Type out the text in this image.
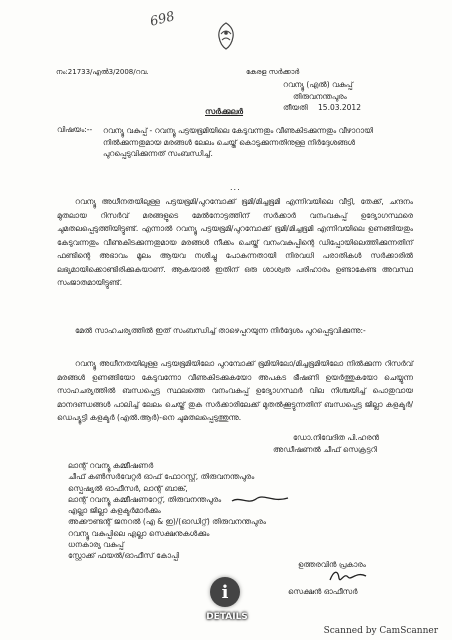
698
നം:21733/എൽ3/2008/റവ.	കേരള സർക്കാർ
റവന്യൂ (എൽ) വകുപ്പ്
തിരുവനന്തപുരം
തീയതി 15.03.2012
സർക്കുലർ
വിഷയം:-- റവന്യൂ വകുപ്പ് - റവന്യൂ പട്ടയഭൂമിയിലെ കേടുവന്നതും വീണുകിടക്കുന്നതും വീഴാറായി നിൽക്കുന്നതുമായ മരങ്ങൾ ലേലം ചെയ്ത് കൊടുക്കുന്നതിനുള്ള നിർദ്ദേശങ്ങൾ പുറപ്പെടുവിക്കുന്നത് സംബന്ധിച്ച്.
...

റവന്യൂ അധീനതയിലുള്ള പട്ടയഭൂമി/പുറമ്പോക്ക് ഭൂമി/മിച്ചഭൂമി എന്നിവയിലെ വീട്ടി, തേക്ക്, ചന്ദനം മുതലായ റിസർവ് മരങ്ങളുടെ മേൽനോട്ടത്തിന് സർക്കാർ വനംവകുപ്പ് ഉദ്യോഗസ്ഥരെ ചുമതലപ്പെടുത്തിയിട്ടുണ്ട്. എന്നാൽ റവന്യൂ പട്ടയഭൂമി/പുറമ്പോക്ക് ഭൂമി/മിച്ചഭൂമി എന്നിവയിലെ ഉണങ്ങിയതും കേടുവന്നതും വീണുകിടക്കുന്നതുമായ മരങ്ങൾ നീക്കം ചെയ്ത് വനംവകുപ്പിന്റെ ഡിപ്പോയിലെത്തിക്കുന്നതിന് ഫണ്ടിന്റെ അഭാവം മൂലം ആയവ നശിച്ചു പോകുന്നതായി നിരവധി പരാതികൾ സർക്കാരിൽ ലഭ്യമായിക്കൊണ്ടിരിക്കുകയാണ്. ആകയാൽ ഇതിന് ഒരു ശാശ്വത പരിഹാരം ഉണ്ടാകേണ്ട അവസ്ഥ സംജാതമായിട്ടുണ്ട്.

മേൽ സാഹചര്യത്തിൽ ഇത് സംബന്ധിച്ച് താഴെപ്പറയുന്ന നിർദ്ദേശം പുറപ്പെടുവിക്കുന്നു:-

റവന്യൂ അധീനതയിലുള്ള പട്ടയഭൂമിയിലോ പുറമ്പോക്ക് ഭൂമിയിലോ/മിച്ചഭൂമിയിലോ നിൽക്കുന്ന റിസർവ് മരങ്ങൾ ഉണങ്ങിയോ കേടുവന്നോ വീണുകിടക്കുകയോ അപകട ഭീഷണി ഉയർത്തുകയോ ചെയ്യുന്ന സാഹചര്യത്തിൽ ബന്ധപ്പെട്ട സ്ഥലത്തെ വനംവകുപ്പ് ഉദ്യോഗസ്ഥർ വില നിശ്ചയിച്ച് പൊതുവായ മാനദണ്ഡങ്ങൾ പാലിച്ച് ലേലം ചെയ്ത് തുക സർക്കാരിലേക്ക് മുതൽക്കൂട്ടുന്നതിന് ബന്ധപ്പെട്ട ജില്ലാ കളക്ടർ/ഡെപ്യൂട്ടി കളക്ടർ (എൽ.ആർ)-നെ ചുമതലപ്പെടുത്തുന്നു.

ഡോ.നിവേദിത പി.ഹരൻ
അഡീഷണൽ ചീഫ് സെക്രട്ടറി
ലാന്റ് റവന്യൂ കമ്മീഷണർ
ചീഫ് കൺസർവേറ്റർ ഓഫ് ഫോറസ്റ്റ്, തിരുവനന്തപുരം
സ്പെഷ്യൽ ഓഫീസർ, ലാന്റ് ബാങ്ക്,
ലാന്റ് റവന്യൂ കമ്മീഷണറേറ്റ്, തിരുവനന്തപുരം
എല്ലാ ജില്ലാ കളക്ടർമാർക്കും
അക്കൗണ്ടന്റ് ജനറൽ (എ & ഇ)/(ഓഡിറ്റ്) തിരുവനന്തപുരം
റവന്യൂ വകുപ്പിലെ എല്ലാ സെക്ഷനുകൾക്കും
ധനകാര്യ വകുപ്പ്
സ്റ്റോക്ക് ഫയൽ/ഓഫീസ് കോപ്പി
ഉത്തരവിൻ പ്രകാരം
സെക്ഷൻ ഓഫീസർ
i
DETAILS
Scanned by CamScanner
